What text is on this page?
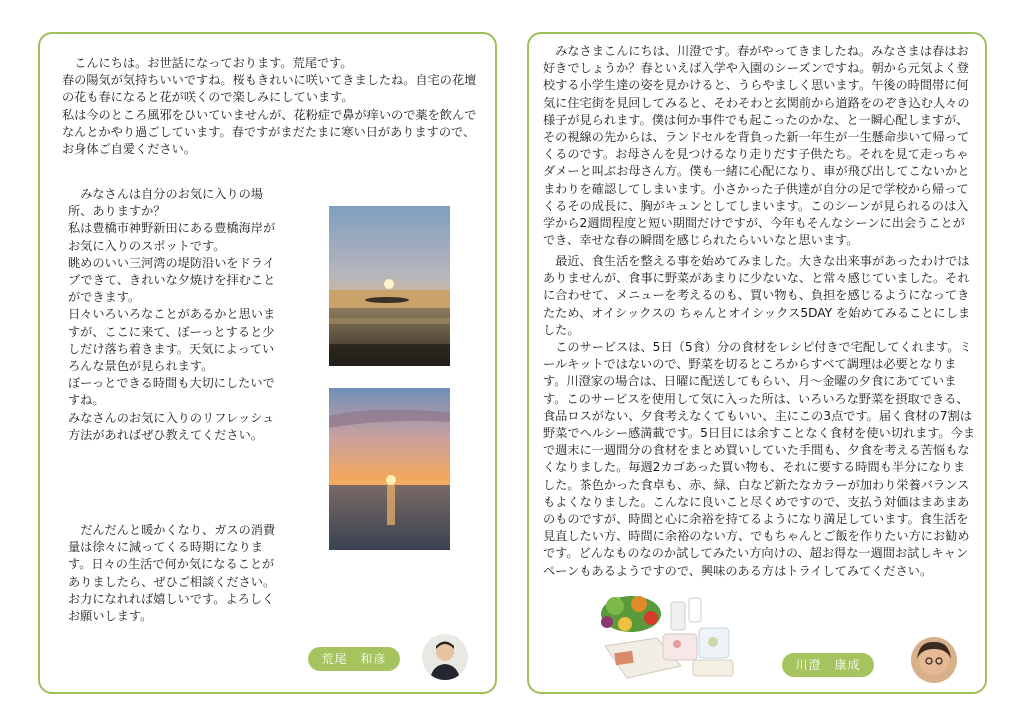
こんにちは。お世話になっております。荒尾です。

春の陽気が気持ちいいですね。桜もきれいに咲いてきましたね。自宅の花壇の花も春になると花が咲くので楽しみにしています。

私は今のところ風邪をひいていませんが、花粉症で鼻が痒いので薬を飲んでなんとかやり過ごしています。春ですがまだたまに寒い日がありますので、お身体ご自愛ください。

みなさんは自分のお気に入りの場所、ありますか？

私は豊橋市神野新田にある豊橋海岸がお気に入りのスポットです。

眺めのいい三河湾の堤防沿いをドライブできて、きれいな夕焼けを拝むことができます。

日々いろいろなことがあるかと思いますが、ここに来て、ぼーっとすると少しだけ落ち着きます。天気によっていろんな景色が見られます。

ぼーっとできる時間も大切にしたいですね。

みなさんのお気に入りのリフレッシュ方法があればぜひ教えてください。

だんだんと暖かくなり、ガスの消費量は徐々に減ってくる時期になります。日々の生活で何か気になることがありましたら、ぜひご相談ください。お力になれれば嬉しいです。よろしくお願いします。

荒尾　和彦

みなさまこんにちは、川澄です。春がやってきましたね。みなさまは春はお好きでしょうか？春といえば入学や入園のシーズンですね。朝から元気よく登校する小学生達の姿を見かけると、うらやましく思います。午後の時間帯に何気に住宅街を見回してみると、そわそわと玄関前から道路をのぞき込む人々の様子が見られます。僕は何か事件でも起こったのかな、と一瞬心配しますが、その視線の先からは、ランドセルを背負った新一年生が一生懸命歩いて帰ってくるのです。お母さんを見つけるなり走りだす子供たち。それを見て走っちゃダメーと叫ぶお母さん方。僕も一緒に心配になり、車が飛び出してこないかとまわりを確認してしまいます。小さかった子供達が自分の足で学校から帰ってくるその成長に、胸がキュンとしてしまいます。このシーンが見られるのは入学から2週間程度と短い期間だけですが、今年もそんなシーンに出会うことができ、幸せな春の瞬間を感じられたらいいなと思います。

最近、食生活を整える事を始めてみました。大きな出来事があったわけではありませんが、食事に野菜があまりに少ないな、と常々感じていました。それに合わせて、メニューを考えるのも、買い物も、負担を感じるようになってきたため、オイシックスの ちゃんとオイシックス5DAY を始めてみることにしました。

このサービスは、5日（5食）分の食材をレシピ付きで宅配してくれます。ミールキットではないので、野菜を切るところからすべて調理は必要となります。川澄家の場合は、日曜に配送してもらい、月～金曜の夕食にあてています。このサービスを使用して気に入った所は、いろいろな野菜を摂取できる、食品ロスがない、夕食考えなくてもいい、主にこの3点です。届く食材の7割は野菜でヘルシー感満載です。5日目には余すことなく食材を使い切れます。今まで週末に一週間分の食材をまとめ買いしていた手間も、夕食を考える苦悩もなくなりました。毎週2カゴあった買い物も、それに要する時間も半分になりました。茶色かった食卓も、赤、緑、白など新たなカラーが加わり栄養バランスもよくなりました。こんなに良いこと尽くめですので、支払う対価はまあまあのものですが、時間と心に余裕を持てるようになり満足しています。食生活を見直したい方、時間に余裕のない方、でもちゃんとご飯を作りたい方にお勧めです。どんなものなのか試してみたい方向けの、超お得な一週間お試しキャンペーンもあるようですので、興味のある方はトライしてみてください。

川澄　康成
